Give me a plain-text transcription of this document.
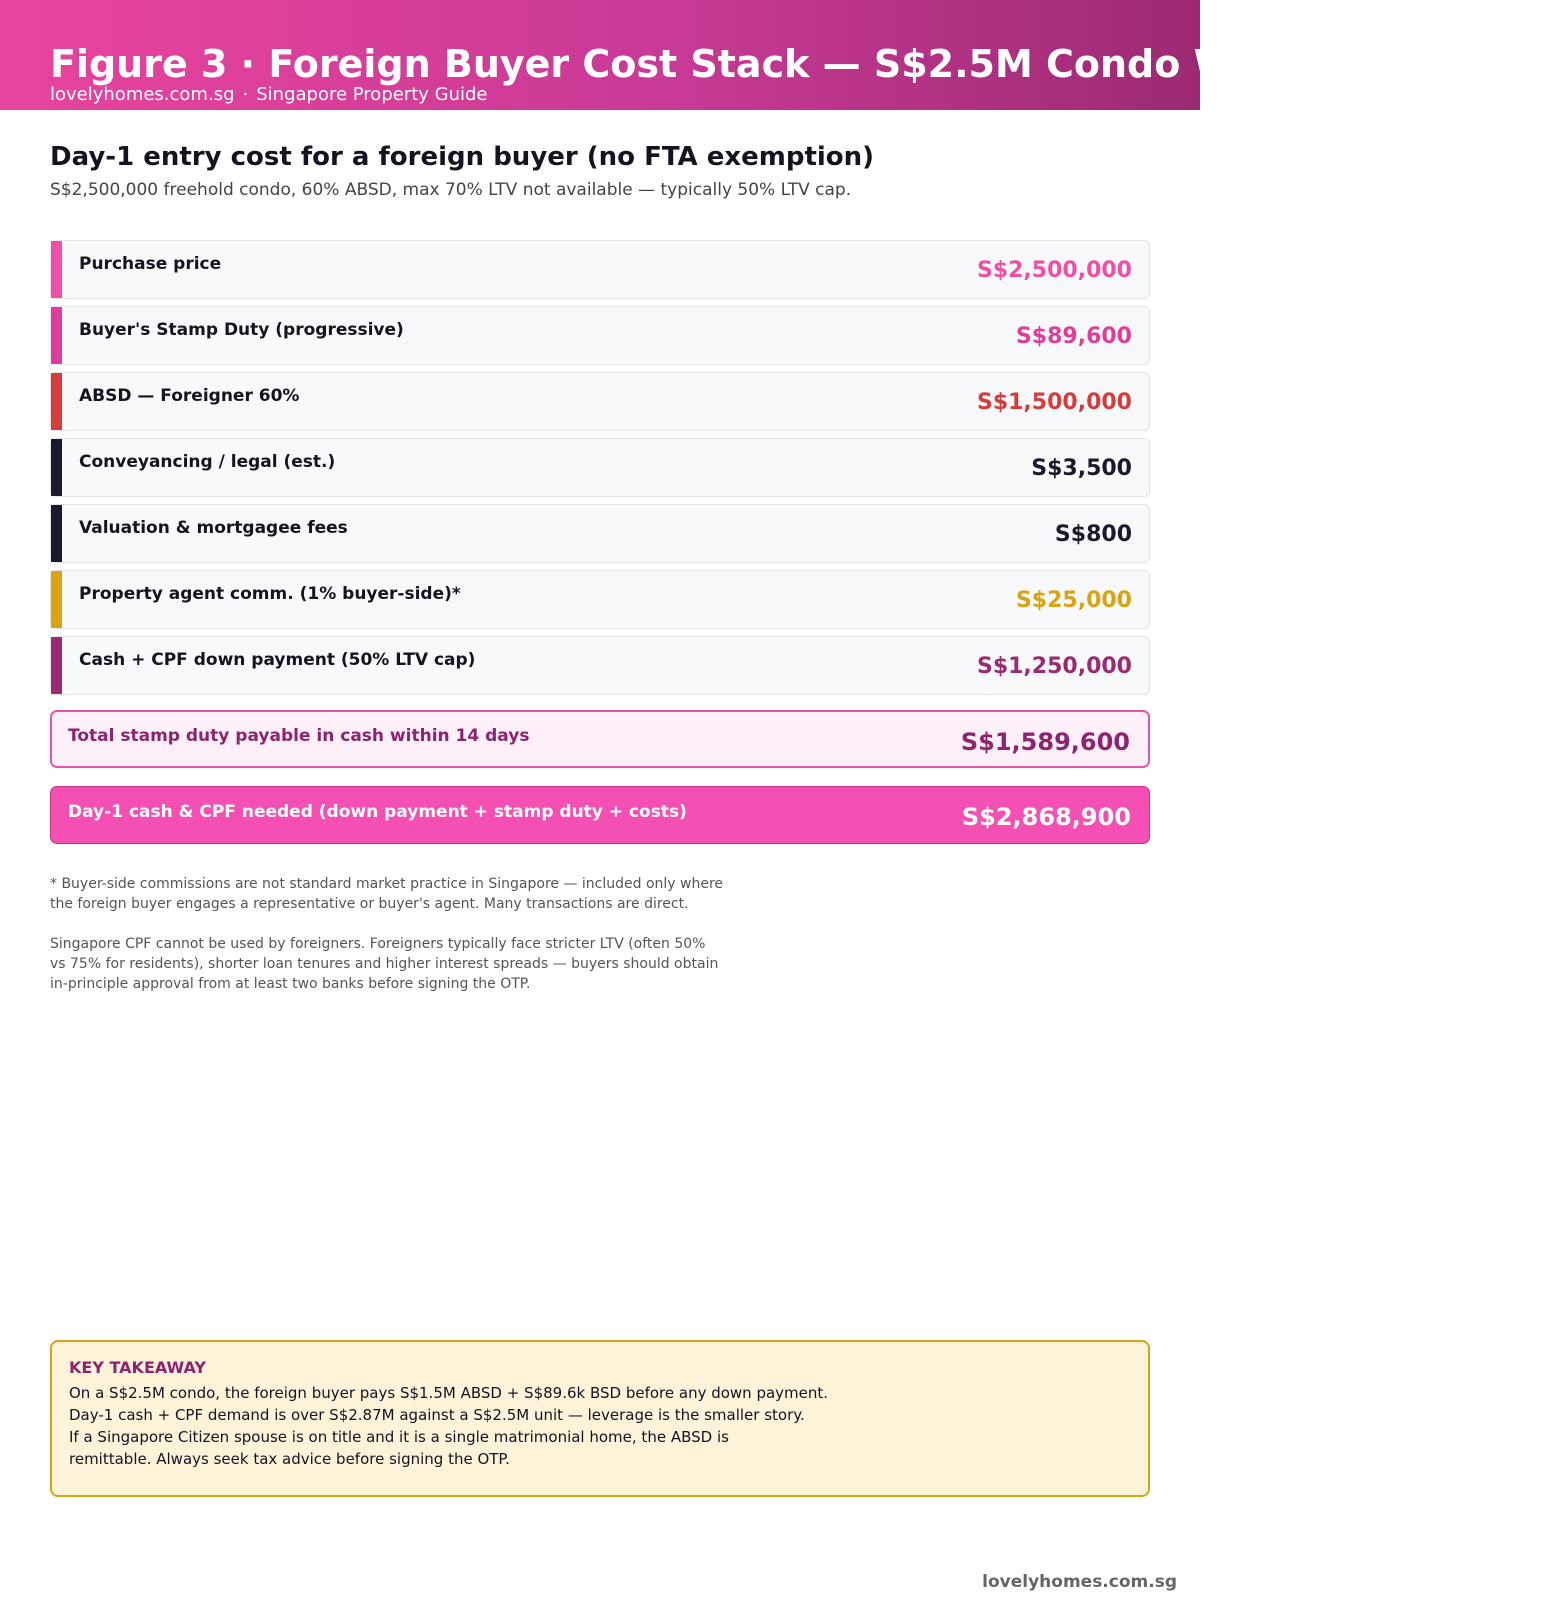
Figure 3 · Foreign Buyer Cost Stack — S$2.5M Condo Worked Example
lovelyhomes.com.sg · Singapore Property Guide
Day-1 entry cost for a foreign buyer (no FTA exemption)
S$2,500,000 freehold condo, 60% ABSD, max 70% LTV not available — typically 50% LTV cap.
Purchase price	S$2,500,000
Buyer's Stamp Duty (progressive)	S$89,600
ABSD — Foreigner 60%	S$1,500,000
Conveyancing / legal (est.)	S$3,500
Valuation & mortgagee fees	S$800
Property agent comm. (1% buyer-side)*	S$25,000
Cash + CPF down payment (50% LTV cap)	S$1,250,000
Total stamp duty payable in cash within 14 days	S$1,589,600
Day-1 cash & CPF needed (down payment + stamp duty + costs)	S$2,868,900

* Buyer-side commissions are not standard market practice in Singapore — included only where
the foreign buyer engages a representative or buyer's agent. Many transactions are direct.

Singapore CPF cannot be used by foreigners. Foreigners typically face stricter LTV (often 50%
vs 75% for residents), shorter loan tenures and higher interest spreads — buyers should obtain
in-principle approval from at least two banks before signing the OTP.

KEY TAKEAWAY
On a S$2.5M condo, the foreign buyer pays S$1.5M ABSD + S$89.6k BSD before any down payment.
Day-1 cash + CPF demand is over S$2.87M against a S$2.5M unit — leverage is the smaller story.
If a Singapore Citizen spouse is on title and it is a single matrimonial home, the ABSD is
remittable. Always seek tax advice before signing the OTP.
lovelyhomes.com.sg
